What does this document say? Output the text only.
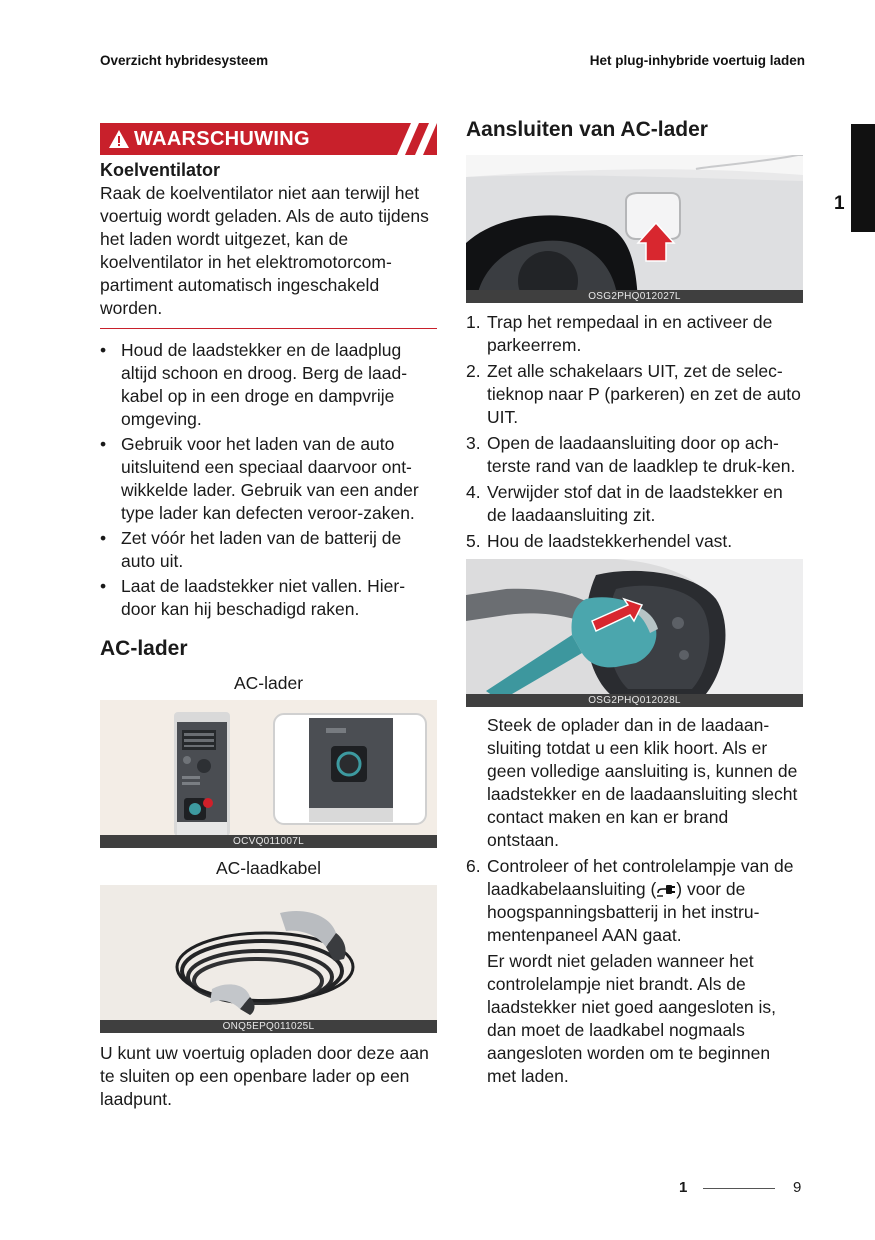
Overzicht hybridesysteem	Het plug-inhybride voertuig laden
1
WAARSCHUWING
Koelventilator
Raak de koelventilator niet aan terwijl het voertuig wordt geladen. Als de auto tijdens het laden wordt uitgezet, kan de koelventilator in het elektromotorcom-partiment automatisch ingeschakeld worden.
• Houd de laadstekker en de laadplug altijd schoon en droog. Berg de laad-kabel op in een droge en dampvrije omgeving.
• Gebruik voor het laden van de auto uitsluitend een speciaal daarvoor ont-wikkelde lader. Gebruik van een ander type lader kan defecten veroor-zaken.
• Zet vóór het laden van de batterij de auto uit.
• Laat de laadstekker niet vallen. Hier-door kan hij beschadigd raken.
AC-lader
AC-lader
OCVQ011007L
AC-laadkabel
ONQ5EPQ011025L
U kunt uw voertuig opladen door deze aan te sluiten op een openbare lader op een laadpunt.
Aansluiten van AC-lader
OSG2PHQ012027L
1. Trap het rempedaal in en activeer de parkeerrem.
2. Zet alle schakelaars UIT, zet de selec-tieknop naar P (parkeren) en zet de auto UIT.
3. Open de laadaansluiting door op ach-terste rand van de laadklep te druk-ken.
4. Verwijder stof dat in de laadstekker en de laadaansluiting zit.
5. Hou de laadstekkerhendel vast.
OSG2PHQ012028L
Steek de oplader dan in de laadaan-sluiting totdat u een klik hoort. Als er geen volledige aansluiting is, kunnen de laadstekker en de laadaansluiting slecht contact maken en kan er brand ontstaan.
6. Controleer of het controlelampje van de laadkabelaansluiting ( ) voor de hoogspanningsbatterij in het instru-mentenpaneel AAN gaat.
Er wordt niet geladen wanneer het controlelampje niet brandt. Als de laadstekker niet goed aangesloten is, dan moet de laadkabel nogmaals aangesloten worden om te beginnen met laden.
1	9
